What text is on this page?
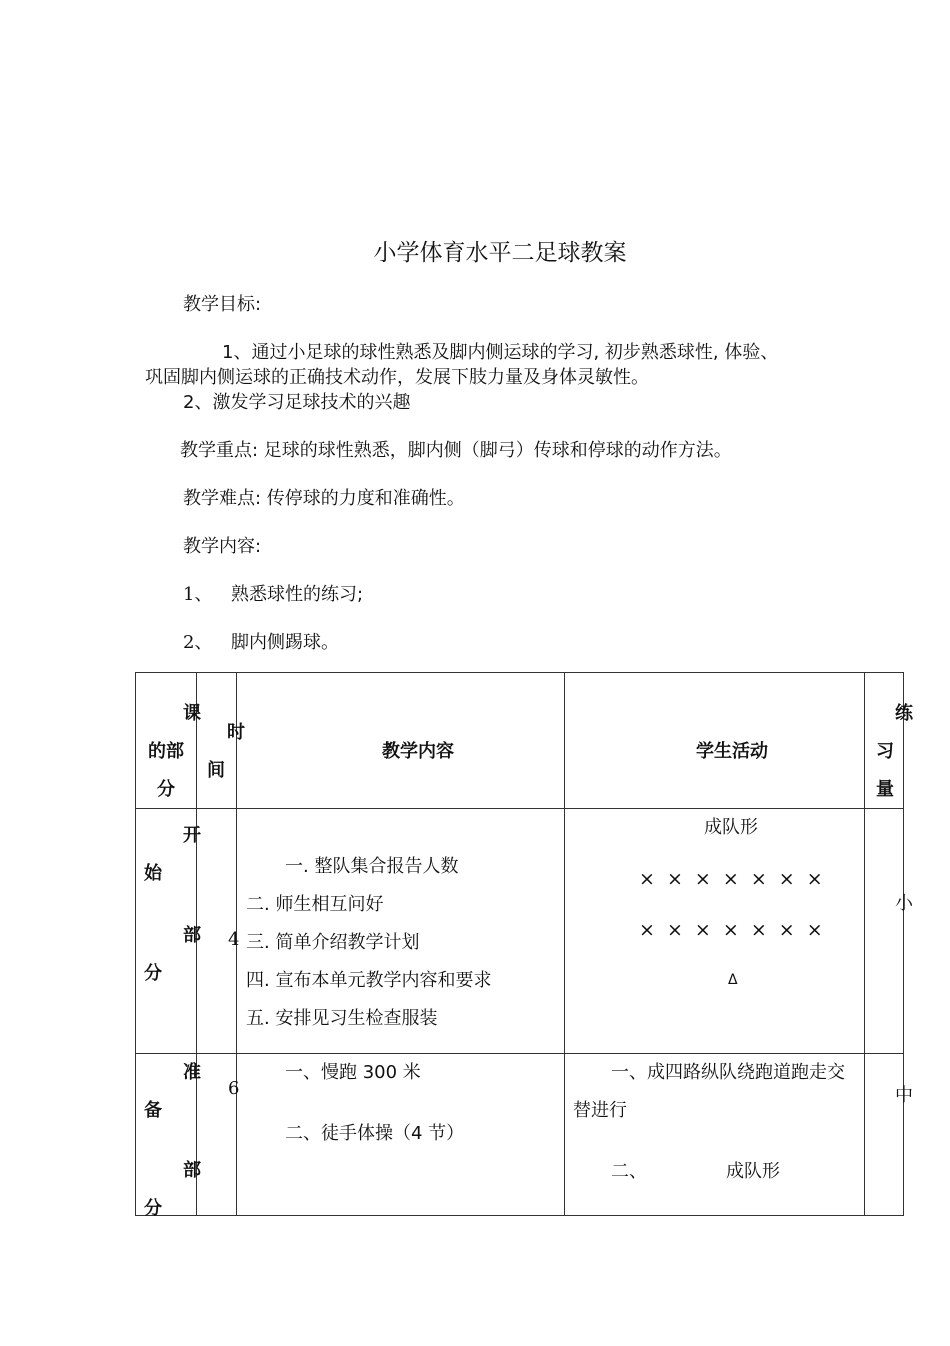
小学体育水平二足球教案
教学目标:
1、通过小足球的球性熟悉及脚内侧运球的学习, 初步熟悉球性, 体验、
巩固脚内侧运球的正确技术动作，发展下肢力量及身体灵敏性。
2、激发学习足球技术的兴趣
教学重点: 足球的球性熟悉，脚内侧（脚弓）传球和停球的动作方法。
教学难点: 传停球的力度和准确性。
教学内容:
1、 熟悉球性的练习;
2、 脚内侧踢球。
课
的部
分	时
间	教学内容	学生活动	练
习
量

开
始
部
分	4	一. 整队集合报告人数
二. 师生相互问好
三. 简单介绍教学计划
四. 宣布本单元教学内容和要求
五. 安排见习生检查服装	成队形
× × × × × × ×
× × × × × × ×
Δ	小

准
备
部
分	6	一、慢跑 300 米
二、徒手体操（4 节）	一、成四路纵队绕跑道跑走交
替进行
二、 成队形	中
